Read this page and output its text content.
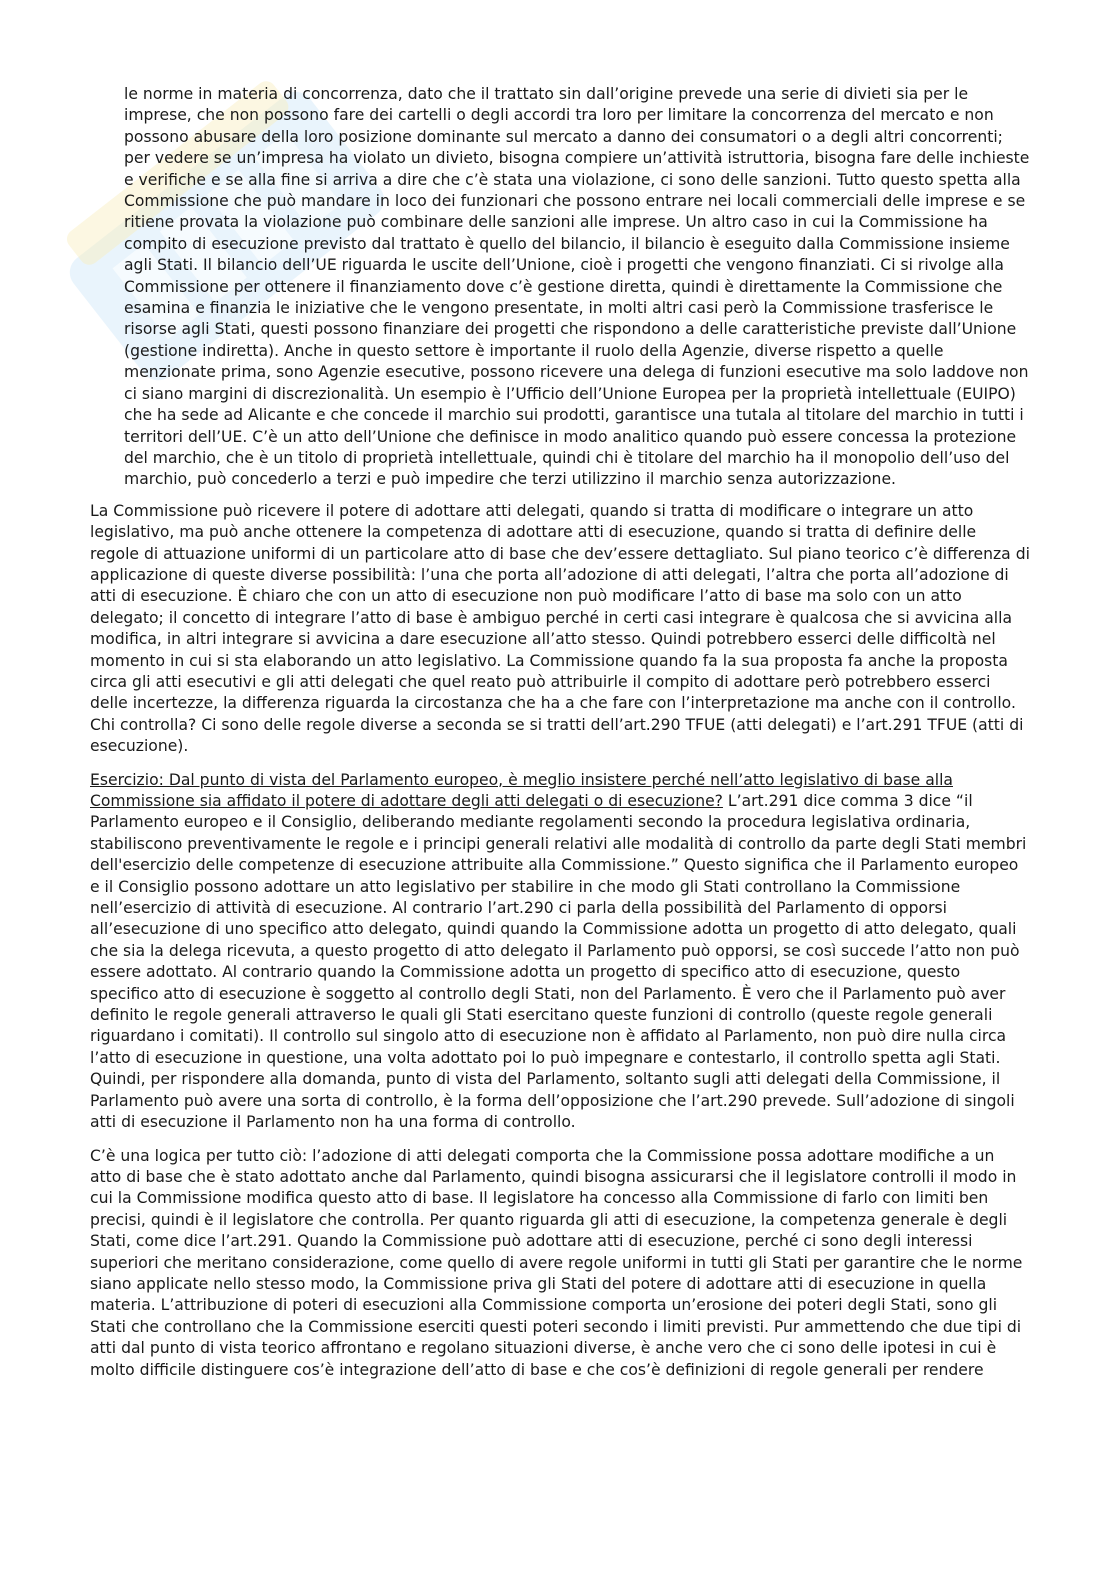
le norme in materia di concorrenza, dato che il trattato sin dall’origine prevede una serie di divieti sia per le imprese, che non possono fare dei cartelli o degli accordi tra loro per limitare la concorrenza del mercato e non possono abusare della loro posizione dominante sul mercato a danno dei consumatori o a degli altri concorrenti; per vedere se un’impresa ha violato un divieto, bisogna compiere un’attività istruttoria, bisogna fare delle inchieste e verifiche e se alla fine si arriva a dire che c’è stata una violazione, ci sono delle sanzioni. Tutto questo spetta alla Commissione che può mandare in loco dei funzionari che possono entrare nei locali commerciali delle imprese e se ritiene provata la violazione può combinare delle sanzioni alle imprese. Un altro caso in cui la Commissione ha compito di esecuzione previsto dal trattato è quello del bilancio, il bilancio è eseguito dalla Commissione insieme agli Stati. Il bilancio dell’UE riguarda le uscite dell’Unione, cioè i progetti che vengono finanziati. Ci si rivolge alla Commissione per ottenere il finanziamento dove c’è gestione diretta, quindi è direttamente la Commissione che esamina e finanzia le iniziative che le vengono presentate, in molti altri casi però la Commissione trasferisce le risorse agli Stati, questi possono finanziare dei progetti che rispondono a delle caratteristiche previste dall’Unione (gestione indiretta). Anche in questo settore è importante il ruolo della Agenzie, diverse rispetto a quelle menzionate prima, sono Agenzie esecutive, possono ricevere una delega di funzioni esecutive ma solo laddove non ci siano margini di discrezionalità. Un esempio è l’Ufficio dell’Unione Europea per la proprietà intellettuale (EUIPO) che ha sede ad Alicante e che concede il marchio sui prodotti, garantisce una tutala al titolare del marchio in tutti i territori dell’UE. C’è un atto dell’Unione che definisce in modo analitico quando può essere concessa la protezione del marchio, che è un titolo di proprietà intellettuale, quindi chi è titolare del marchio ha il monopolio dell’uso del marchio, può concederlo a terzi e può impedire che terzi utilizzino il marchio senza autorizzazione.

La Commissione può ricevere il potere di adottare atti delegati, quando si tratta di modificare o integrare un atto legislativo, ma può anche ottenere la competenza di adottare atti di esecuzione, quando si tratta di definire delle regole di attuazione uniformi di un particolare atto di base che dev’essere dettagliato. Sul piano teorico c’è differenza di applicazione di queste diverse possibilità: l’una che porta all’adozione di atti delegati, l’altra che porta all’adozione di atti di esecuzione. È chiaro che con un atto di esecuzione non può modificare l’atto di base ma solo con un atto delegato; il concetto di integrare l’atto di base è ambiguo perché in certi casi integrare è qualcosa che si avvicina alla modifica, in altri integrare si avvicina a dare esecuzione all’atto stesso. Quindi potrebbero esserci delle difficoltà nel momento in cui si sta elaborando un atto legislativo. La Commissione quando fa la sua proposta fa anche la proposta circa gli atti esecutivi e gli atti delegati che quel reato può attribuirle il compito di adottare però potrebbero esserci delle incertezze, la differenza riguarda la circostanza che ha a che fare con l’interpretazione ma anche con il controllo. Chi controlla? Ci sono delle regole diverse a seconda se si tratti dell’art.290 TFUE (atti delegati) e l’art.291 TFUE (atti di esecuzione).

Esercizio: Dal punto di vista del Parlamento europeo, è meglio insistere perché nell’atto legislativo di base alla Commissione sia affidato il potere di adottare degli atti delegati o di esecuzione? L’art.291 dice comma 3 dice “il Parlamento europeo e il Consiglio, deliberando mediante regolamenti secondo la procedura legislativa ordinaria, stabiliscono preventivamente le regole e i principi generali relativi alle modalità di controllo da parte degli Stati membri dell'esercizio delle competenze di esecuzione attribuite alla Commissione.” Questo significa che il Parlamento europeo e il Consiglio possono adottare un atto legislativo per stabilire in che modo gli Stati controllano la Commissione nell’esercizio di attività di esecuzione. Al contrario l’art.290 ci parla della possibilità del Parlamento di opporsi all’esecuzione di uno specifico atto delegato, quindi quando la Commissione adotta un progetto di atto delegato, quali che sia la delega ricevuta, a questo progetto di atto delegato il Parlamento può opporsi, se così succede l’atto non può essere adottato. Al contrario quando la Commissione adotta un progetto di specifico atto di esecuzione, questo specifico atto di esecuzione è soggetto al controllo degli Stati, non del Parlamento. È vero che il Parlamento può aver definito le regole generali attraverso le quali gli Stati esercitano queste funzioni di controllo (queste regole generali riguardano i comitati). Il controllo sul singolo atto di esecuzione non è affidato al Parlamento, non può dire nulla circa l’atto di esecuzione in questione, una volta adottato poi lo può impegnare e contestarlo, il controllo spetta agli Stati. Quindi, per rispondere alla domanda, punto di vista del Parlamento, soltanto sugli atti delegati della Commissione, il Parlamento può avere una sorta di controllo, è la forma dell’opposizione che l’art.290 prevede. Sull’adozione di singoli atti di esecuzione il Parlamento non ha una forma di controllo.

C’è una logica per tutto ciò: l’adozione di atti delegati comporta che la Commissione possa adottare modifiche a un atto di base che è stato adottato anche dal Parlamento, quindi bisogna assicurarsi che il legislatore controlli il modo in cui la Commissione modifica questo atto di base. Il legislatore ha concesso alla Commissione di farlo con limiti ben precisi, quindi è il legislatore che controlla. Per quanto riguarda gli atti di esecuzione, la competenza generale è degli Stati, come dice l’art.291. Quando la Commissione può adottare atti di esecuzione, perché ci sono degli interessi superiori che meritano considerazione, come quello di avere regole uniformi in tutti gli Stati per garantire che le norme siano applicate nello stesso modo, la Commissione priva gli Stati del potere di adottare atti di esecuzione in quella materia. L’attribuzione di poteri di esecuzioni alla Commissione comporta un’erosione dei poteri degli Stati, sono gli Stati che controllano che la Commissione eserciti questi poteri secondo i limiti previsti. Pur ammettendo che due tipi di atti dal punto di vista teorico affrontano e regolano situazioni diverse, è anche vero che ci sono delle ipotesi in cui è molto difficile distinguere cos’è integrazione dell’atto di base e che cos’è definizioni di regole generali per rendere
